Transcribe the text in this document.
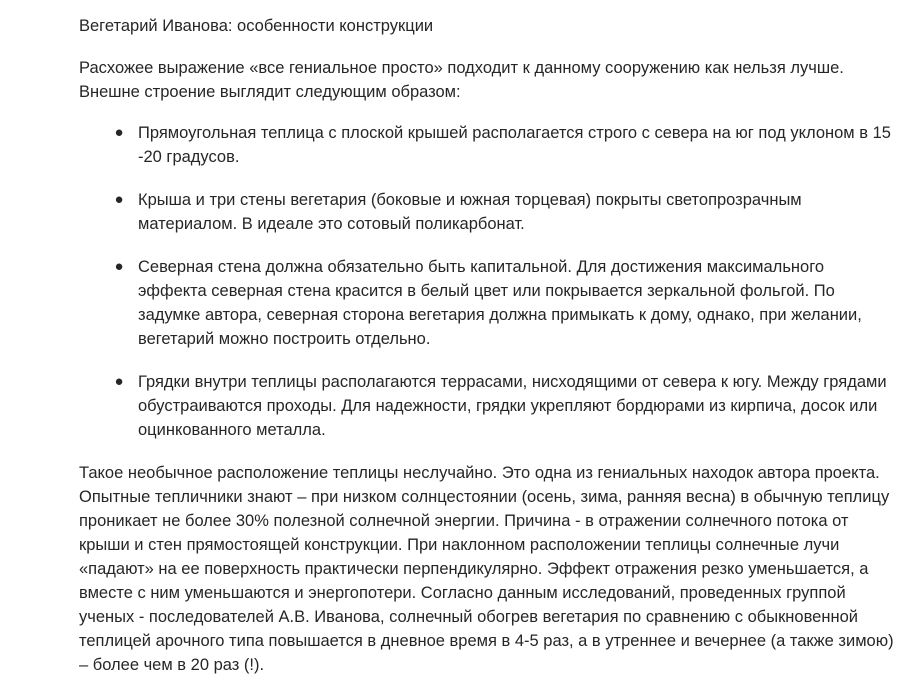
Вегетарий Иванова: особенности конструкции

Расхожее выражение «все гениальное просто» подходит к данному сооружению как нельзя лучше. Внешне строение выглядит следующим образом:

● Прямоугольная теплица с плоской крышей располагается строго с севера на юг под уклоном в 15 -20 градусов.
● Крыша и три стены вегетария (боковые и южная торцевая) покрыты светопрозрачным материалом. В идеале это сотовый поликарбонат.
● Северная стена должна обязательно быть капитальной. Для достижения максимального эффекта северная стена красится в белый цвет или покрывается зеркальной фольгой. По задумке автора, северная сторона вегетария должна примыкать к дому, однако, при желании, вегетарий можно построить отдельно.
● Грядки внутри теплицы располагаются террасами, нисходящими от севера к югу. Между грядами обустраиваются проходы. Для надежности, грядки укрепляют бордюрами из кирпича, досок или оцинкованного металла.

Такое необычное расположение теплицы неслучайно. Это одна из гениальных находок автора проекта. Опытные тепличники знают – при низком солнцестоянии (осень, зима, ранняя весна) в обычную теплицу проникает не более 30% полезной солнечной энергии. Причина - в отражении солнечного потока от крыши и стен прямостоящей конструкции. При наклонном расположении теплицы солнечные лучи «падают» на ее поверхность практически перпендикулярно. Эффект отражения резко уменьшается, а вместе с ним уменьшаются и энергопотери. Согласно данным исследований, проведенных группой ученых - последователей А.В. Иванова, солнечный обогрев вегетария по сравнению с обыкновенной теплицей арочного типа повышается в дневное время в 4-5 раз, а в утреннее и вечернее (а также зимою) – более чем в 20 раз (!).
